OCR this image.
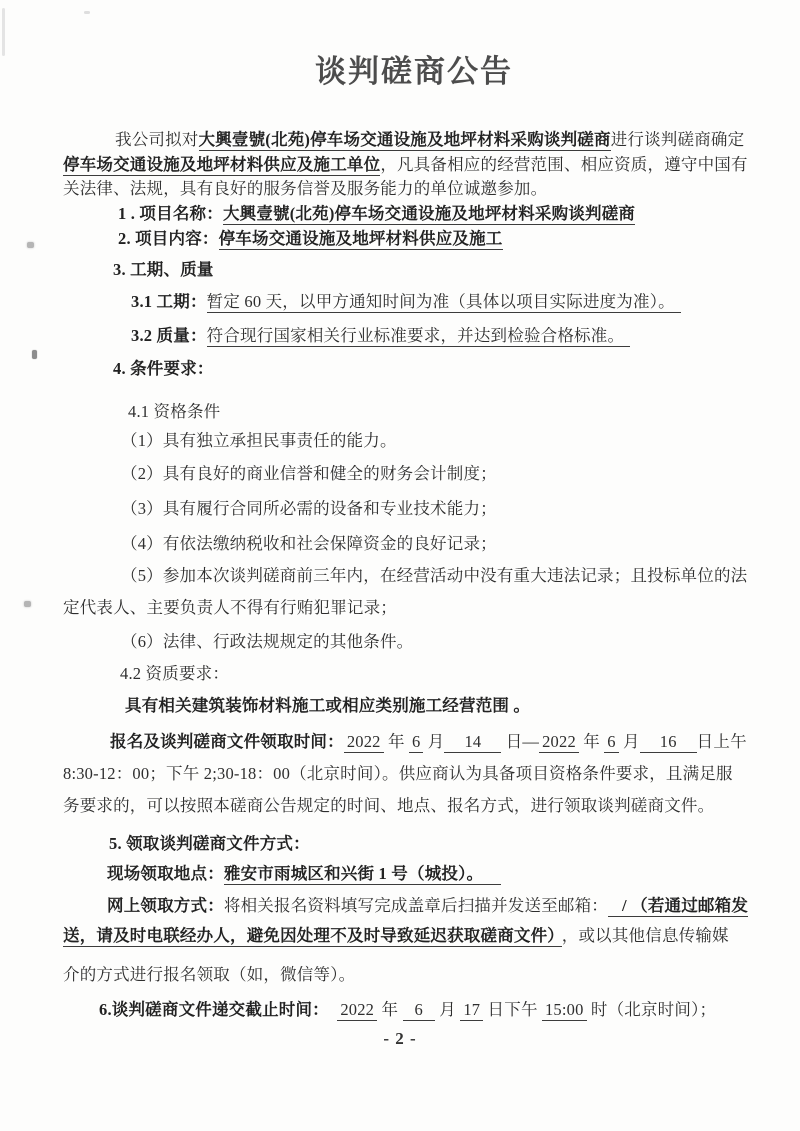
谈判磋商公告
我公司拟对大興壹號(北苑)停车场交通设施及地坪材料采购谈判磋商进行谈判磋商确定
停车场交通设施及地坪材料供应及施工单位，凡具备相应的经营范围、相应资质，遵守中国有
关法律、法规，具有良好的服务信誉及服务能力的单位诚邀参加。
1 . 项目名称：大興壹號(北苑)停车场交通设施及地坪材料采购谈判磋商
2. 项目内容：停车场交通设施及地坪材料供应及施工
3. 工期、质量
3.1 工期：暂定 60 天，以甲方通知时间为准（具体以项目实际进度为准）。
3.2 质量：符合现行国家相关行业标准要求，并达到检验合格标准。
4. 条件要求：
4.1 资格条件
（1）具有独立承担民事责任的能力。
（2）具有良好的商业信誉和健全的财务会计制度；
（3）具有履行合同所必需的设备和专业技术能力；
（4）有依法缴纳税收和社会保障资金的良好记录；
（5）参加本次谈判磋商前三年内，在经营活动中没有重大违法记录；且投标单位的法
定代表人、主要负责人不得有行贿犯罪记录；
（6）法律、行政法规规定的其他条件。
4.2 资质要求：
具有相关建筑装饰材料施工或相应类别施工经营范围 。
报名及谈判磋商文件领取时间： 2022 年 6 月 14 日— 2022 年 6 月 16 日上午
8:30-12：00；下午 2;30-18：00（北京时间）。供应商认为具备项目资格条件要求，且满足服
务要求的，可以按照本磋商公告规定的时间、地点、报名方式，进行领取谈判磋商文件。
5. 领取谈判磋商文件方式：
现场领取地点：雅安市雨城区和兴街 1 号（城投）。
网上领取方式：将相关报名资料填写完成盖章后扫描并发送至邮箱： / （若通过邮箱发
送，请及时电联经办人，避免因处理不及时导致延迟获取磋商文件） ，或以其他信息传输媒
介的方式进行报名领取（如，微信等）。
6.谈判磋商文件递交截止时间：　 2022 年 6 月 17 日下午 15:00 时（北京时间）；
- 2 -
